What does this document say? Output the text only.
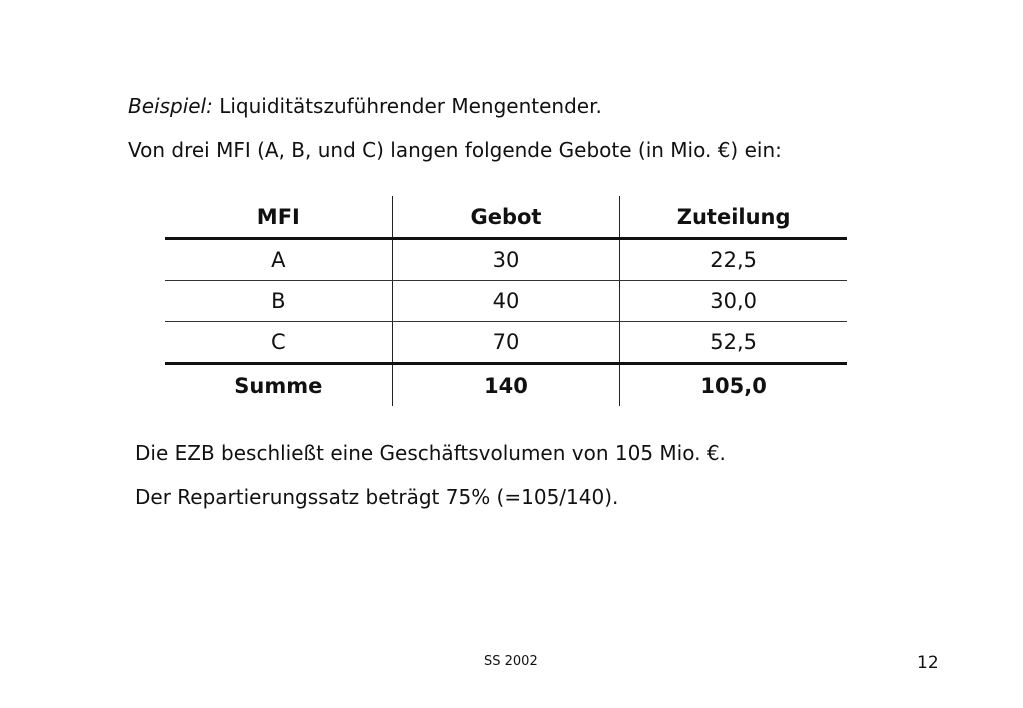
Beispiel: Liquiditätszuführender Mengentender.
Von drei MFI (A, B, und C) langen folgende Gebote (in Mio. €) ein:
MFI	Gebot	Zuteilung
A	30	22,5
B	40	30,0
C	70	52,5
Summe	140	105,0
Die EZB beschließt eine Geschäftsvolumen von 105 Mio. €.
Der Repartierungssatz beträgt 75% (=105/140).
SS 2002	12
